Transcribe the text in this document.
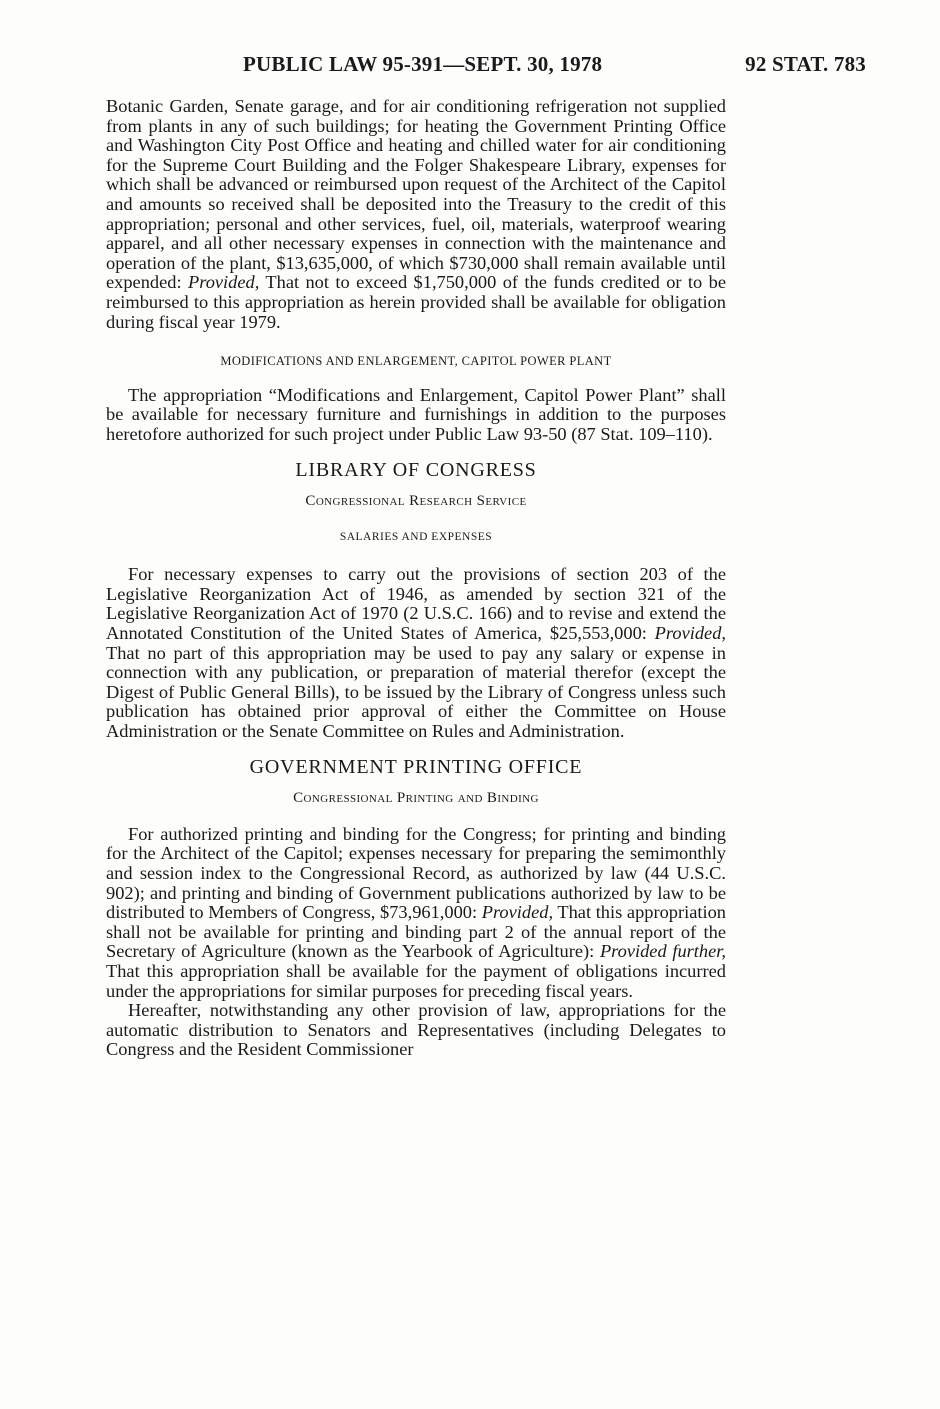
PUBLIC LAW 95-391—SEPT. 30, 1978	92 STAT. 783

Botanic Garden, Senate garage, and for air conditioning refrigeration not supplied from plants in any of such buildings; for heating the Government Printing Office and Washington City Post Office and heating and chilled water for air conditioning for the Supreme Court Building and the Folger Shakespeare Library, expenses for which shall be advanced or reimbursed upon request of the Architect of the Capitol and amounts so received shall be deposited into the Treasury to the credit of this appropriation; personal and other services, fuel, oil, materials, waterproof wearing apparel, and all other necessary expenses in connection with the maintenance and operation of the plant, $13,635,000, of which $730,000 shall remain available until expended: Provided, That not to exceed $1,750,000 of the funds credited or to be reimbursed to this appropriation as herein provided shall be available for obligation during fiscal year 1979.

MODIFICATIONS AND ENLARGEMENT, CAPITOL POWER PLANT

The appropriation “Modifications and Enlargement, Capitol Power Plant” shall be available for necessary furniture and furnishings in addition to the purposes heretofore authorized for such project under Public Law 93-50 (87 Stat. 109–110).

LIBRARY OF CONGRESS
Congressional Research Service
SALARIES AND EXPENSES

For necessary expenses to carry out the provisions of section 203 of the Legislative Reorganization Act of 1946, as amended by section 321 of the Legislative Reorganization Act of 1970 (2 U.S.C. 166) and to revise and extend the Annotated Constitution of the United States of America, $25,553,000: Provided, That no part of this appropriation may be used to pay any salary or expense in connection with any publication, or preparation of material therefor (except the Digest of Public General Bills), to be issued by the Library of Congress unless such publication has obtained prior approval of either the Committee on House Administration or the Senate Committee on Rules and Administration.

GOVERNMENT PRINTING OFFICE
Congressional Printing and Binding

For authorized printing and binding for the Congress; for printing and binding for the Architect of the Capitol; expenses necessary for preparing the semimonthly and session index to the Congressional Record, as authorized by law (44 U.S.C. 902); and printing and binding of Government publications authorized by law to be distributed to Members of Congress, $73,961,000: Provided, That this appropriation shall not be available for printing and binding part 2 of the annual report of the Secretary of Agriculture (known as the Yearbook of Agriculture): Provided further, That this appropriation shall be available for the payment of obligations incurred under the appropriations for similar purposes for preceding fiscal years.

Hereafter, notwithstanding any other provision of law, appropriations for the automatic distribution to Senators and Representatives (including Delegates to Congress and the Resident Commissioner
